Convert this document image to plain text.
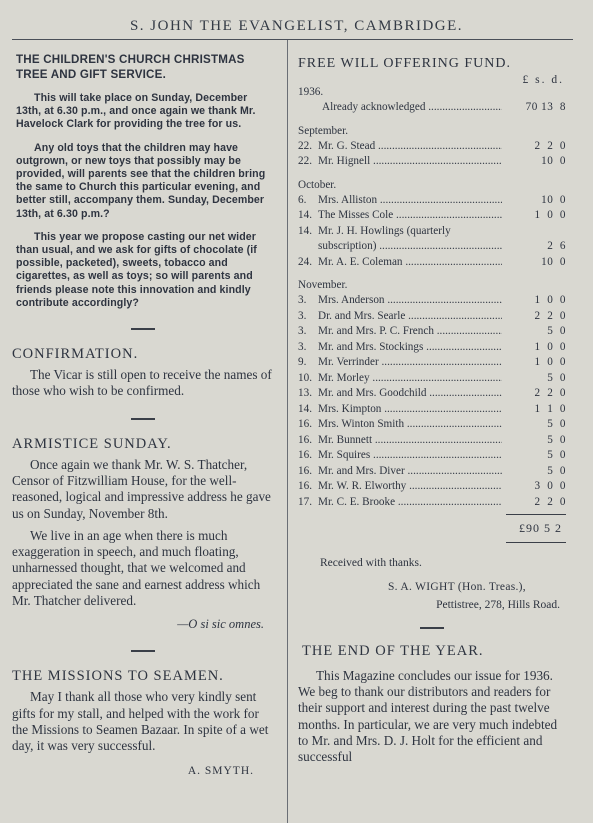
S. JOHN THE EVANGELIST, CAMBRIDGE.
THE CHILDREN'S CHURCH CHRISTMAS TREE AND GIFT SERVICE.

This will take place on Sunday, December 13th, at 6.30 p.m., and once again we thank Mr. Havelock Clark for providing the tree for us.

Any old toys that the children may have outgrown, or new toys that possibly may be provided, will parents see that the children bring the same to Church this particular evening, and better still, accompany them. Sunday, December 13th, at 6.30 p.m.?

This year we propose casting our net wider than usual, and we ask for gifts of chocolate (if possible, packeted), sweets, tobacco and cigarettes, as well as toys; so will parents and friends please note this innovation and kindly contribute accordingly?

CONFIRMATION.

The Vicar is still open to receive the names of those who wish to be confirmed.

ARMISTICE SUNDAY.

Once again we thank Mr. W. S. Thatcher, Censor of Fitzwilliam House, for the well-reasoned, logical and impressive address he gave us on Sunday, November 8th.

We live in an age when there is much exaggeration in speech, and much floating, unharnessed thought, that we welcomed and appreciated the sane and earnest address which Mr. Thatcher delivered.

—O si sic omnes.
THE MISSIONS TO SEAMEN.

May I thank all those who very kindly sent gifts for my stall, and helped with the work for the Missions to Seamen Bazaar. In spite of a wet day, it was very successful.

A. SMYTH.
FREE WILL OFFERING FUND.
£ s. d.
1936.
Already acknowledged .....	70 13  8
September.
22. Mr. G. Stead .....	2  2  0
22. Mr. Hignell .....	10  0
October.
6.	Mrs. Alliston .....	10  0
14. The Misses Cole .....	1  0  0
14. Mr. J. H. Howlings (quarterly
subscription) .....	2  6
24. Mr. A. E. Coleman .....	10  0
November.
3.	Mrs. Anderson .....	1  0  0
3.	Dr. and Mrs. Searle .....	2  2  0
3.	Mr. and Mrs. P. C. French .....	5  0
3.	Mr. and Mrs. Stockings .....	1  0  0
9.	Mr. Verrinder .....	1  0  0
10. Mr. Morley .....	5  0
13. Mr. and Mrs. Goodchild .....	2  2  0
14. Mrs. Kimpton .....	1  1  0
16. Mrs. Winton Smith .....	5  0
16. Mr. Bunnett .....	5  0
16. Mr. Squires .....	5  0
16. Mr. and Mrs. Diver .....	5  0
16. Mr. W. R. Elworthy .....	3  0  0
17. Mr. C. E. Brooke .....	2  2  0
£90 5 2
Received with thanks.
S. A. WIGHT (Hon. Treas.),
Pettistree, 278, Hills Road.
THE END OF THE YEAR.

This Magazine concludes our issue for 1936. We beg to thank our distributors and readers for their support and interest during the past twelve months. In particular, we are very much indebted to Mr. and Mrs. D. J. Holt for the efficient and successful
